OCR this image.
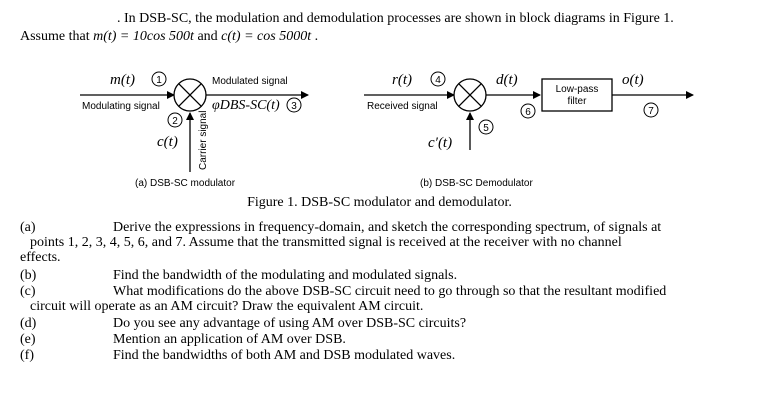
. In DSB-SC, the modulation and demodulation processes are shown in block diagrams in Figure 1.
Assume that m(t) = 10cos 500t and c(t) = cos 5000t .
m(t) 1
Modulating signal
Modulated signal
φDBS-SC(t) 3
2
c(t) Carrier signal
(a) DSB-SC modulator
Low-pass
filter
r(t) 4
Received signal
d(t)
6
o(t)
7
5
c′(t)
(b) DSB-SC Demodulator
Figure 1. DSB-SC modulator and demodulator.
(a)	Derive the expressions in frequency-domain, and sketch the corresponding spectrum, of signals at
points 1, 2, 3, 4, 5, 6, and 7. Assume that the transmitted signal is received at the receiver with no channel
effects.
(b)	Find the bandwidth of the modulating and modulated signals.
(c)	What modifications do the above DSB-SC circuit need to go through so that the resultant modified
circuit will operate as an AM circuit? Draw the equivalent AM circuit.
(d)	Do you see any advantage of using AM over DSB-SC circuits?
(e)	Mention an application of AM over DSB.
(f)	Find the bandwidths of both AM and DSB modulated waves.
